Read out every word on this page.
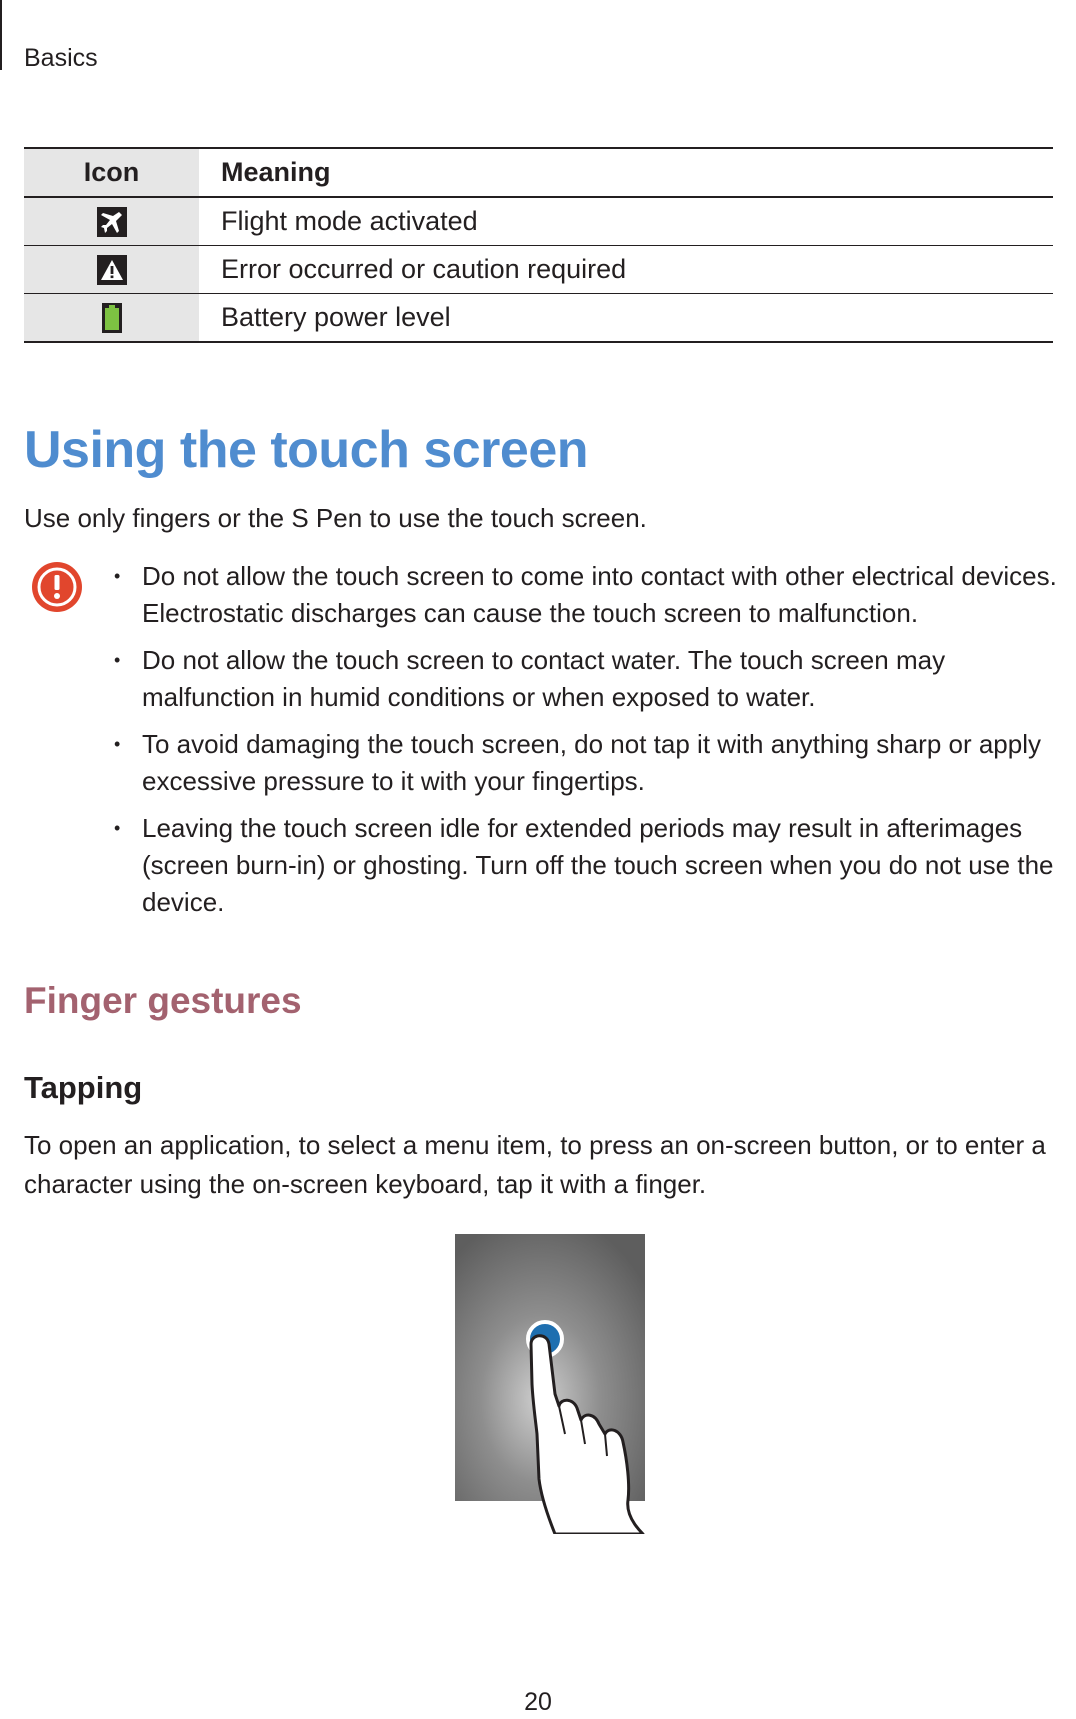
Basics
Icon	Meaning
	Flight mode activated
	Error occurred or caution required
	Battery power level
Using the touch screen

Use only fingers or the S Pen to use the touch screen.

• Do not allow the touch screen to come into contact with other electrical devices. Electrostatic discharges can cause the touch screen to malfunction.
• Do not allow the touch screen to contact water. The touch screen may malfunction in humid conditions or when exposed to water.
• To avoid damaging the touch screen, do not tap it with anything sharp or apply excessive pressure to it with your fingertips.
• Leaving the touch screen idle for extended periods may result in afterimages (screen burn-in) or ghosting. Turn off the touch screen when you do not use the device.
Finger gestures
Tapping

To open an application, to select a menu item, to press an on-screen button, or to enter a character using the on-screen keyboard, tap it with a finger.

20
